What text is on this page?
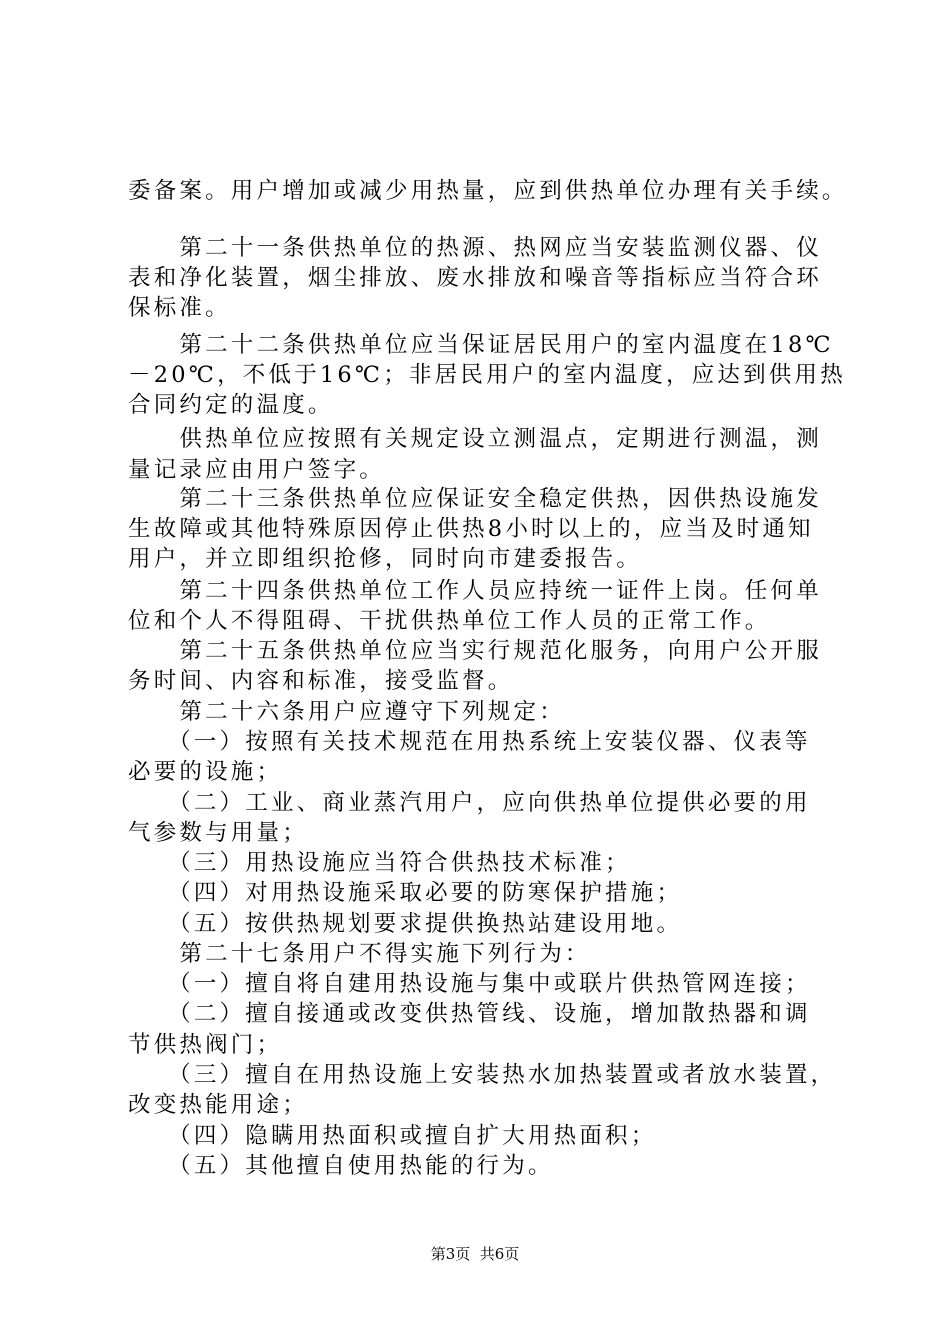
委备案。用户增加或减少用热量，应到供热单位办理有关手续。
　　第二十一条供热单位的热源、热网应当安装监测仪器、仪
表和净化装置，烟尘排放、废水排放和噪音等指标应当符合环
保标准。
　　第二十二条供热单位应当保证居民用户的室内温度在18℃
－20℃，不低于16℃；非居民用户的室内温度，应达到供用热
合同约定的温度。
　　供热单位应按照有关规定设立测温点，定期进行测温，测
量记录应由用户签字。
　　第二十三条供热单位应保证安全稳定供热，因供热设施发
生故障或其他特殊原因停止供热8小时以上的，应当及时通知
用户，并立即组织抢修，同时向市建委报告。
　　第二十四条供热单位工作人员应持统一证件上岗。任何单
位和个人不得阻碍、干扰供热单位工作人员的正常工作。
　　第二十五条供热单位应当实行规范化服务，向用户公开服
务时间、内容和标准，接受监督。
　　第二十六条用户应遵守下列规定：
　　（一）按照有关技术规范在用热系统上安装仪器、仪表等
必要的设施；
　　（二）工业、商业蒸汽用户，应向供热单位提供必要的用
气参数与用量；
　　（三）用热设施应当符合供热技术标准；
　　（四）对用热设施采取必要的防寒保护措施；
　　（五）按供热规划要求提供换热站建设用地。
　　第二十七条用户不得实施下列行为：
　　（一）擅自将自建用热设施与集中或联片供热管网连接；
　　（二）擅自接通或改变供热管线、设施，增加散热器和调
节供热阀门；
　　（三）擅自在用热设施上安装热水加热装置或者放水装置，
改变热能用途；
　　（四）隐瞒用热面积或擅自扩大用热面积；
　　（五）其他擅自使用热能的行为。
第3页  共6页
